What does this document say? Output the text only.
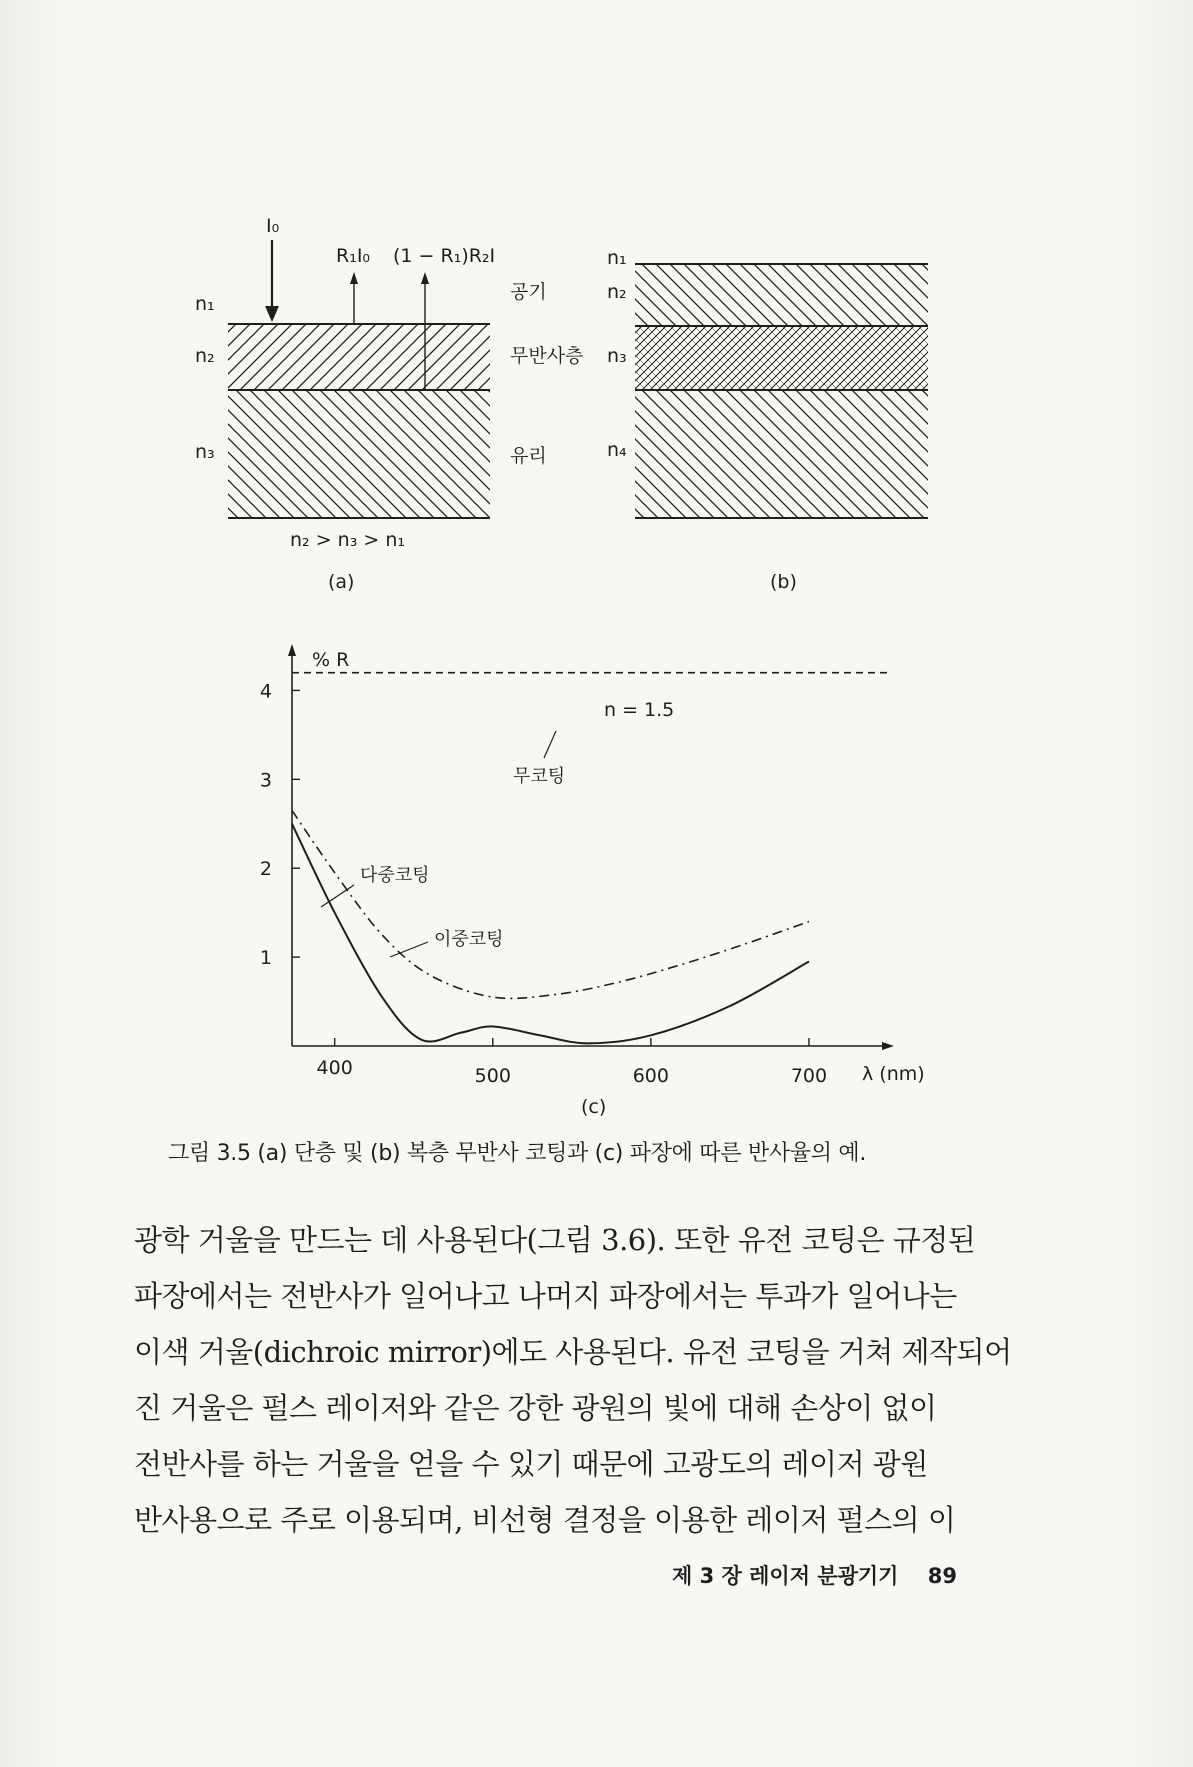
I₀
R₁I₀ (1 − R₁)R₂I
n₁
n₂
n₃
공기
무반사층
유리
n₂ > n₃ > n₁
(a)
n₁
n₂
n₃
n₄
(b)
% R
λ (nm)
400	500	600	700
1
2
3
4
n = 1.5
무코팅
다중코팅
이중코팅
(c)
그림 3.5 (a) 단층 및 (b) 복층 무반사 코팅과 (c) 파장에 따른 반사율의 예.
광학 거울을 만드는 데 사용된다(그림 3.6). 또한 유전 코팅은 규정된
파장에서는 전반사가 일어나고 나머지 파장에서는 투과가 일어나는
이색 거울(dichroic mirror)에도 사용된다. 유전 코팅을 거쳐 제작되어
진 거울은 펄스 레이저와 같은 강한 광원의 빛에 대해 손상이 없이
전반사를 하는 거울을 얻을 수 있기 때문에 고광도의 레이저 광원
반사용으로 주로 이용되며, 비선형 결정을 이용한 레이저 펄스의 이
제 3 장 레이저 분광기기 89
